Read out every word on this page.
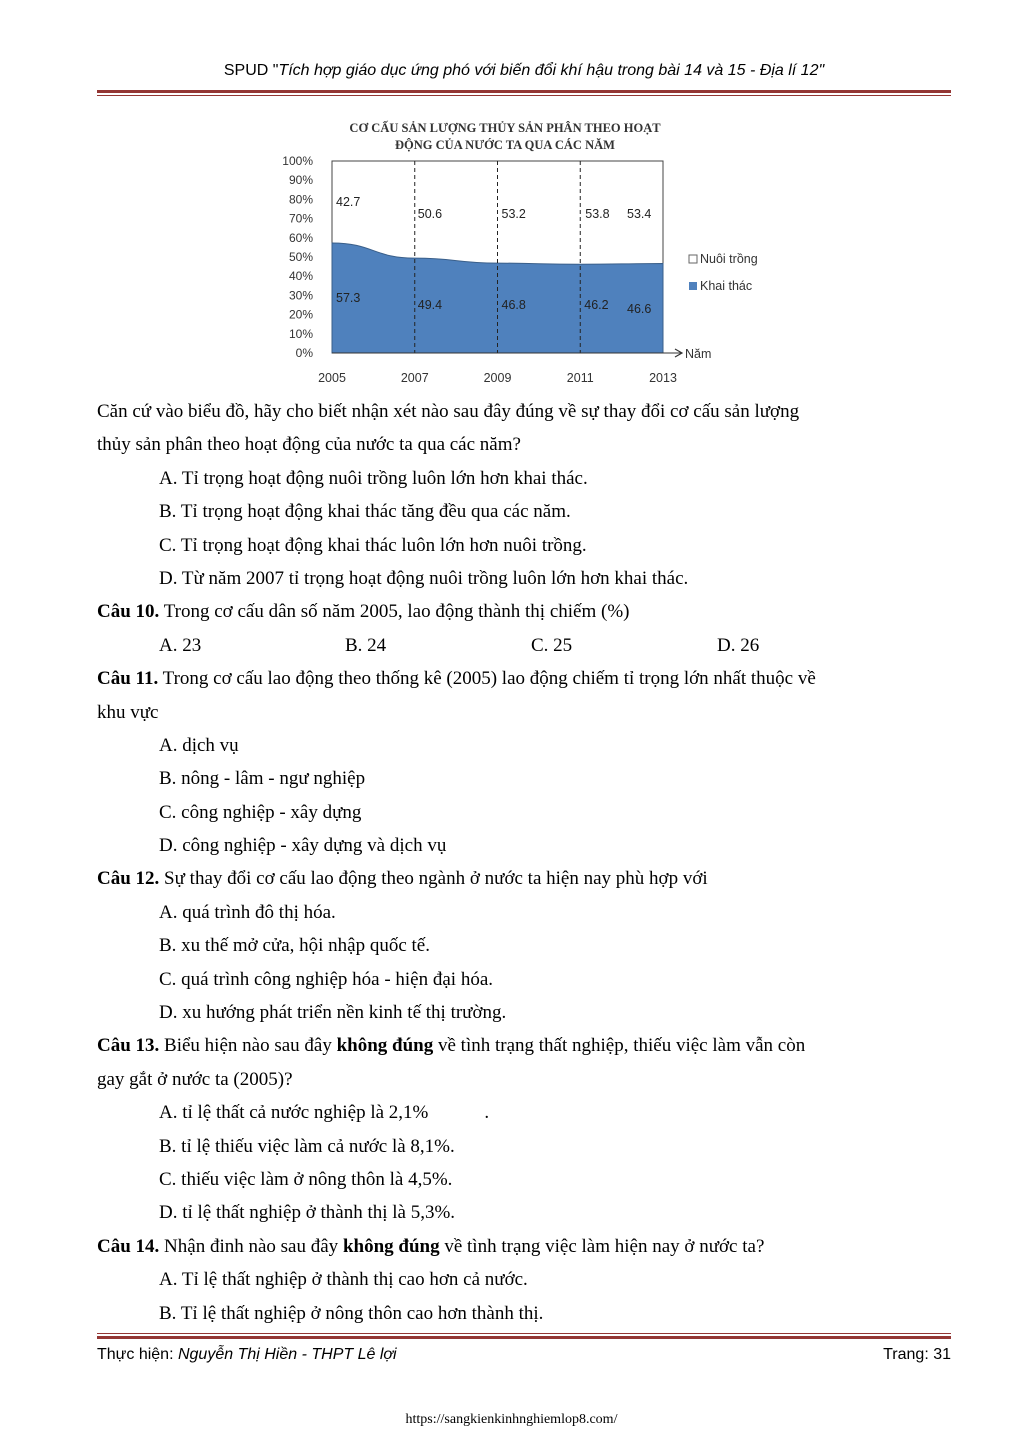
SPUD "Tích hợp giáo dục ứng phó với biến đổi khí hậu trong bài 14 và 15 - Địa lí 12"
CƠ CẤU SẢN LƯỢNG THỦY SẢN PHÂN THEO HOẠT
ĐỘNG CỦA NƯỚC TA QUA CÁC NĂM
0%
10%
20%
30%
40%
50%
60%
70%
80%
90%
100%
2005	2007	2009	2011	2013
42.7
50.6	53.2	53.8 53.4
57.3	49.4	46.8	46.2 46.6
Nuôi trồng
Khai thác
Năm
Căn cứ vào biểu đồ, hãy cho biết nhận xét nào sau đây đúng về sự thay đổi cơ cấu sản lượng
thủy sản phân theo hoạt động của nước ta qua các năm?
A. Tỉ trọng hoạt động nuôi trồng luôn lớn hơn khai thác.
B. Tỉ trọng hoạt động khai thác tăng đều qua các năm.
C. Tỉ trọng hoạt động khai thác luôn lớn hơn nuôi trồng.
D. Từ năm 2007 tỉ trọng hoạt động nuôi trồng luôn lớn hơn khai thác.
Câu 10. Trong cơ cấu dân số năm 2005, lao động thành thị chiếm (%)
A. 23	B. 24	C. 25	D. 26
Câu 11. Trong cơ cấu lao động theo thống kê (2005) lao động chiếm tỉ trọng lớn nhất thuộc về
khu vực
A. dịch vụ
B. nông - lâm - ngư nghiệp
C. công nghiệp - xây dựng
D. công nghiệp - xây dựng và dịch vụ
Câu 12. Sự thay đổi cơ cấu lao động theo ngành ở nước ta hiện nay phù hợp với
A. quá trình đô thị hóa.
B. xu thế mở cửa, hội nhập quốc tế.
C. quá trình công nghiệp hóa - hiện đại hóa.
D. xu hướng phát triển nền kinh tế thị trường.
Câu 13. Biểu hiện nào sau đây không đúng về tình trạng thất nghiệp, thiếu việc làm vẫn còn
gay gắt ở nước ta (2005)?
A. tỉ lệ thất cả nước nghiệp là 2,1%	.
B. tỉ lệ thiếu việc làm cả nước là 8,1%.
C. thiếu việc làm ở nông thôn là 4,5%.
D. tỉ lệ thất nghiệp ở thành thị là 5,3%.
Câu 14. Nhận đinh nào sau đây không đúng về tình trạng việc làm hiện nay ở nước ta?
A. Tỉ lệ thất nghiệp ở thành thị cao hơn cả nước.
B. Tỉ lệ thất nghiệp ở nông thôn cao hơn thành thị.
Thực hiện: Nguyễn Thị Hiền - THPT Lê lợi	Trang: 31
https://sangkienkinhnghiemlop8.com/
